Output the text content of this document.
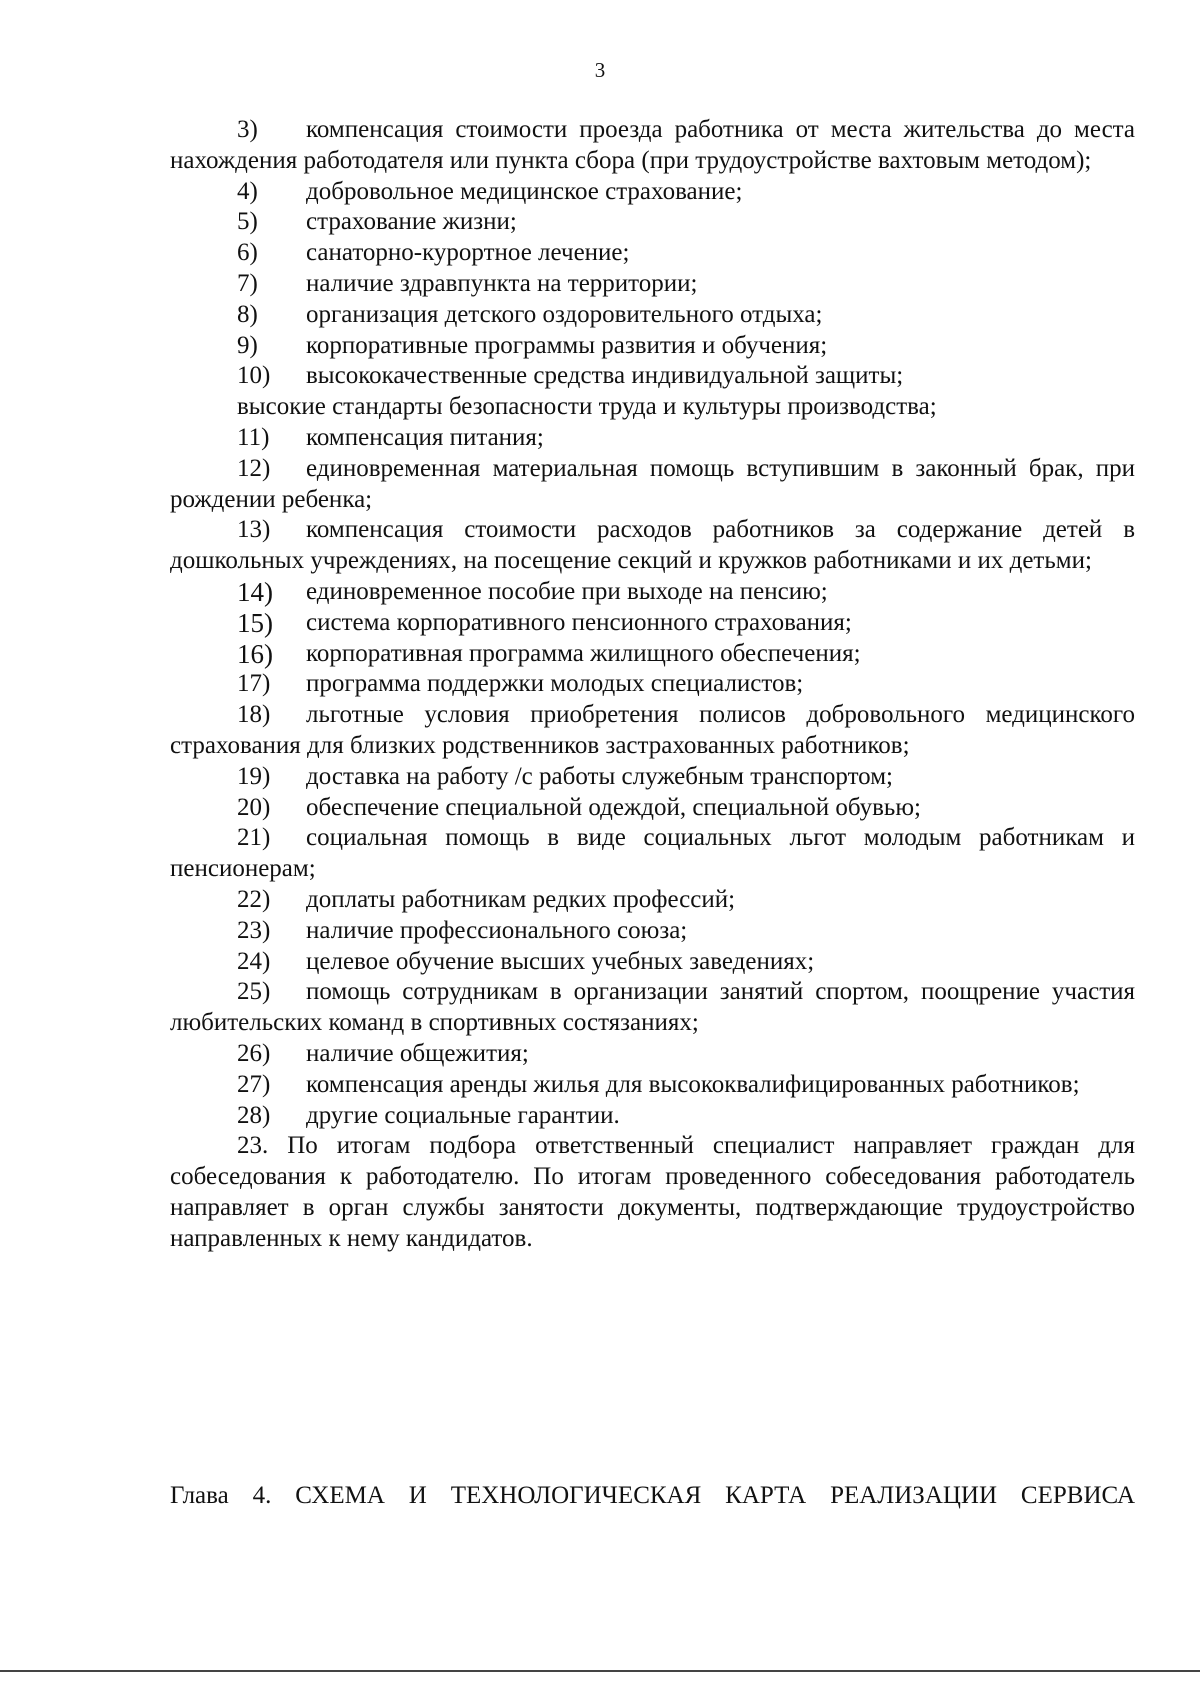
3

3) компенсация стоимости проезда работника от места жительства до места нахождения работодателя или пункта сбора (при трудоустройстве вахтовым методом);

4)	добровольное медицинское страхование;
5)	страхование жизни;
6)	санаторно-курортное лечение;
7)	наличие здравпункта на территории;
8)	организация детского оздоровительного отдыха;
9)	корпоративные программы развития и обучения;
10)	высококачественные средства индивидуальной защиты;
высокие стандарты безопасности труда и культуры производства;
11)	компенсация питания;

12) единовременная материальная помощь вступившим в законный брак, при рождении ребенка;

13) компенсация стоимости расходов работников за содержание детей в дошкольных учреждениях, на посещение секций и кружков работниками и их детьми;

14)	единовременное пособие при выходе на пенсию;
15)	система корпоративного пенсионного страхования;
16)	корпоративная программа жилищного обеспечения;
17)	программа поддержки молодых специалистов;

18) льготные условия приобретения полисов добровольного медицинского страхования для близких родственников застрахованных работников;

19)	доставка на работу /с работы служебным транспортом;
20)	обеспечение специальной одеждой, специальной обувью;

21) социальная помощь в виде социальных льгот молодым работникам и пенсионерам;

22)	доплаты работникам редких профессий;
23)	наличие профессионального союза;
24)	целевое обучение высших учебных заведениях;

25) помощь сотрудникам в организации занятий спортом, поощрение участия любительских команд в спортивных состязаниях;

26)	наличие общежития;

27) компенсация аренды жилья для высококвалифицированных работников;

28)	другие социальные гарантии.

23. По итогам подбора ответственный специалист направляет граждан для собеседования к работодателю. По итогам проведенного собеседования работодатель направляет в орган службы занятости документы, подтверждающие трудоустройство направленных к нему кандидатов.

Глава 4. СХЕМА И ТЕХНОЛОГИЧЕСКАЯ КАРТА РЕАЛИЗАЦИИ СЕРВИСА
